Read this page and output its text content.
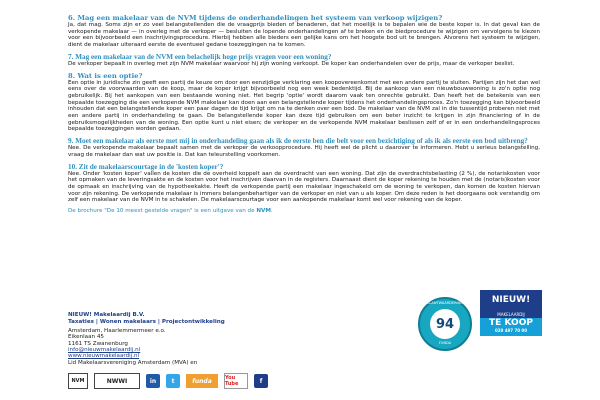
6. Mag een makelaar van de NVM tijdens de onderhandelingen het systeem van verkoop wijzigen?

Ja, dat mag. Soms zijn er zo veel belangstellenden die de vraagprijs bieden of benaderen, dat het moeilijk is te bepalen wie de beste koper is. In dat geval kan de verkopende makelaar — in overleg met de verkoper — besluiten de lopende onderhandelingen af te breken en de biedprocedure te wijzigen om vervolgens te kiezen voor een bijvoorbeeld een inschrijvingsprocedure. Hierbij hebben alle bieders een gelijke kans om het hoogste bod uit te brengen. Alvorens het systeem te wijzigen, dient de makelaar uiteraard eerste de eventueel gedane toezeggingen na te komen.

7. Mag een makelaar van de NVM een belachelijk hoge prijs vragen voor een woning?

De verkoper bepaalt in overleg met zijn NVM makelaar waarvoor hij zijn woning verkoopt. De koper kan onderhandelen over de prijs, maar de verkoper beslist.

8. Wat is een optie?

Een optie in juridische zin geeft een partij de keuze om door een eenzijdige verklaring een koopovereenkomst met een andere partij te sluiten. Partijen zijn het dan wel eens over de voorwaarden van de koop, maar de koper krijgt bijvoorbeeld nog een week bedenktijd. Bij de aankoop van een nieuwbouwwoning is zo'n optie nog gebruikelijk. Bij het aankopen van een bestaande woning niet. Het begrip 'optie' wordt daarom vaak ten onrechte gebruikt. Dan heeft het de betekenis van een bepaalde toezegging die een verkopende NVM makelaar kan doen aan een belangstellende koper tijdens het onderhandelingsproces. Zo'n toezegging kan bijvoorbeeld inhouden dat een belangstellende koper een paar dagen de tijd krijgt om na te denken over een bod. De makelaar van de NVM zal in die tussentijd proberen niet met een andere partij in onderhandeling te gaan. De belangstellende koper kan deze tijd gebruiken om een beter inzicht te krijgen in zijn financiering of in de gebruiksmogelijkheden van de woning. Een optie kunt u niet eisen; de verkoper en de verkopende NVM makelaar beslissen zelf of er in een onderhandelingsproces bepaalde toezeggingen worden gedaan.

9. Moet een makelaar als eerste met mij in onderhandeling gaan als ik de eerste ben die belt voor een bezichtiging of als ik als eerste een bod uitbreng?

Nee. De verkopende makelaar bepaalt samen met de verkoper de verkoopprocedure. Hij heeft wel de plicht u daarover te informeren. Hebt u serieus belangstelling, vraag de makelaar dan wat uw positie is. Dat kan teleurstelling voorkomen.

10. Zit de makelaarscourtage in de 'kosten koper'?

Nee. Onder 'kosten koper' vallen de kosten die de overheid koppelt aan de overdracht van een woning. Dat zijn de overdrachtsbelasting (2 %), de notariskosten voor het opmaken van de leveringsakte en de kosten voor het inschrijven daarvan in de registers. Daarnaast dient de koper rekening te houden met de (notaris)kosten voor de opmaak en inschrijving van de hypotheekakte. Heeft de verkopende partij een makelaar ingeschakeld om de woning te verkopen, dan komen de kosten hiervan voor zijn rekening. De verkopende makelaar is immers belangenbehartiger van de verkoper en niet van u als koper. Om deze reden is het doorgaans ook verstandig om zelf een makelaar van de NVM in te schakelen. De makelaarscourtage voor een aankopende makelaar komt wel voor rekening van de koper.

De brochure "De 10 meest gestelde vragen" is een uitgave van de NVM.
NIEUW! Makelaardij B.V.
Taxaties | Wonen makelaars | Projectontwikkeling
Amsterdam, Haarlemmermeer e.o.
Eikenlaan 45
1161 TS Zwanenburg
info@nieuwmakelaardij.nl
www.nieuwmakelaardij.nl
Lid Makelaarsvereniging Amsterdam (MVA) en
NVM	NWWI	in	t	funda	You Tube	f
KLANTWAARDERING
94
FUNDA
NIEUW!
MAKELAARDIJ
TE KOOP
020 497 70 00
